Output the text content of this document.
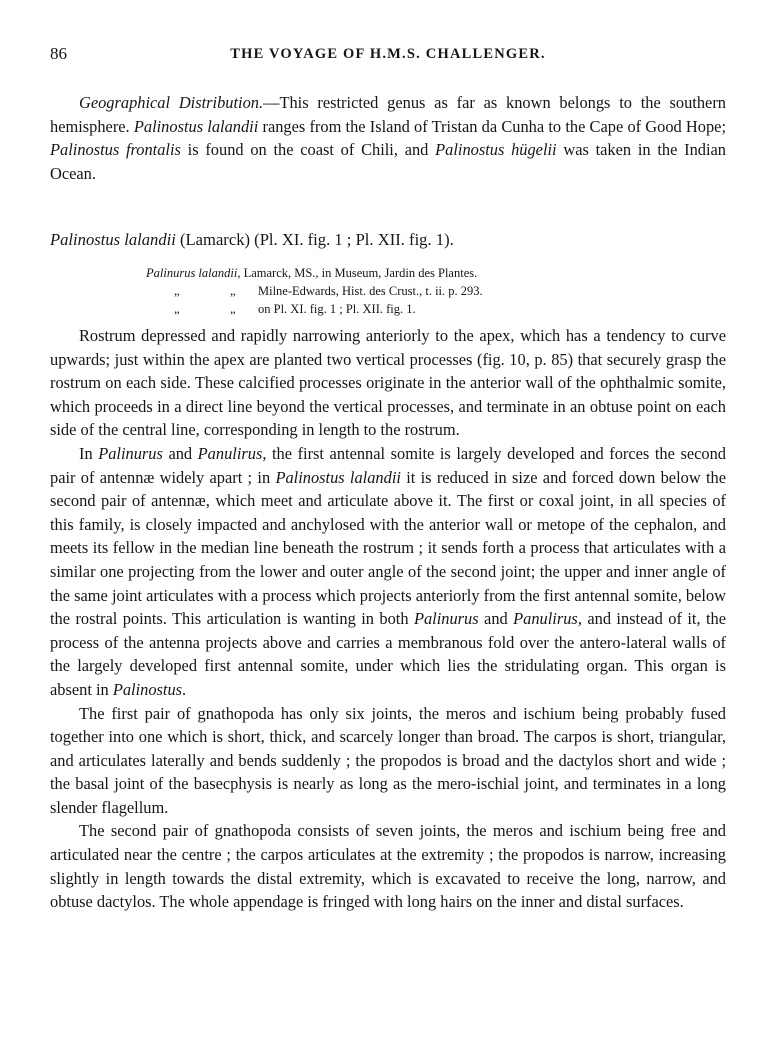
86	THE VOYAGE OF H.M.S. CHALLENGER.

Geographical Distribution.—This restricted genus as far as known belongs to the southern hemisphere. Palinostus lalandii ranges from the Island of Tristan da Cunha to the Cape of Good Hope; Palinostus frontalis is found on the coast of Chili, and Palinostus hügelii was taken in the Indian Ocean.

Palinostus lalandii (Lamarck) (Pl. XI. fig. 1 ; Pl. XII. fig. 1).
Palinurus lalandii, Lamarck, MS., in Museum, Jardin des Plantes.
„	„ Milne-Edwards, Hist. des Crust., t. ii. p. 293.
„	„ on Pl. XI. fig. 1 ; Pl. XII. fig. 1.

Rostrum depressed and rapidly narrowing anteriorly to the apex, which has a tendency to curve upwards; just within the apex are planted two vertical processes (fig. 10, p. 85) that securely grasp the rostrum on each side. These calcified processes originate in the anterior wall of the ophthalmic somite, which proceeds in a direct line beyond the vertical processes, and terminate in an obtuse point on each side of the central line, corresponding in length to the rostrum.

In Palinurus and Panulirus, the first antennal somite is largely developed and forces the second pair of antennæ widely apart ; in Palinostus lalandii it is reduced in size and forced down below the second pair of antennæ, which meet and articulate above it. The first or coxal joint, in all species of this family, is closely impacted and anchylosed with the anterior wall or metope of the cephalon, and meets its fellow in the median line beneath the rostrum ; it sends forth a process that articulates with a similar one projecting from the lower and outer angle of the second joint; the upper and inner angle of the same joint articulates with a process which projects anteriorly from the first antennal somite, below the rostral points. This articulation is wanting in both Palinurus and Panulirus, and instead of it, the process of the antenna projects above and carries a membranous fold over the antero-lateral walls of the largely developed first antennal somite, under which lies the stridulating organ. This organ is absent in Palinostus.

The first pair of gnathopoda has only six joints, the meros and ischium being probably fused together into one which is short, thick, and scarcely longer than broad. The carpos is short, triangular, and articulates laterally and bends suddenly ; the propodos is broad and the dactylos short and wide ; the basal joint of the basecphysis is nearly as long as the mero-ischial joint, and terminates in a long slender flagellum.

The second pair of gnathopoda consists of seven joints, the meros and ischium being free and articulated near the centre ; the carpos articulates at the extremity ; the propodos is narrow, increasing slightly in length towards the distal extremity, which is excavated to receive the long, narrow, and obtuse dactylos. The whole appendage is fringed with long hairs on the inner and distal surfaces.
